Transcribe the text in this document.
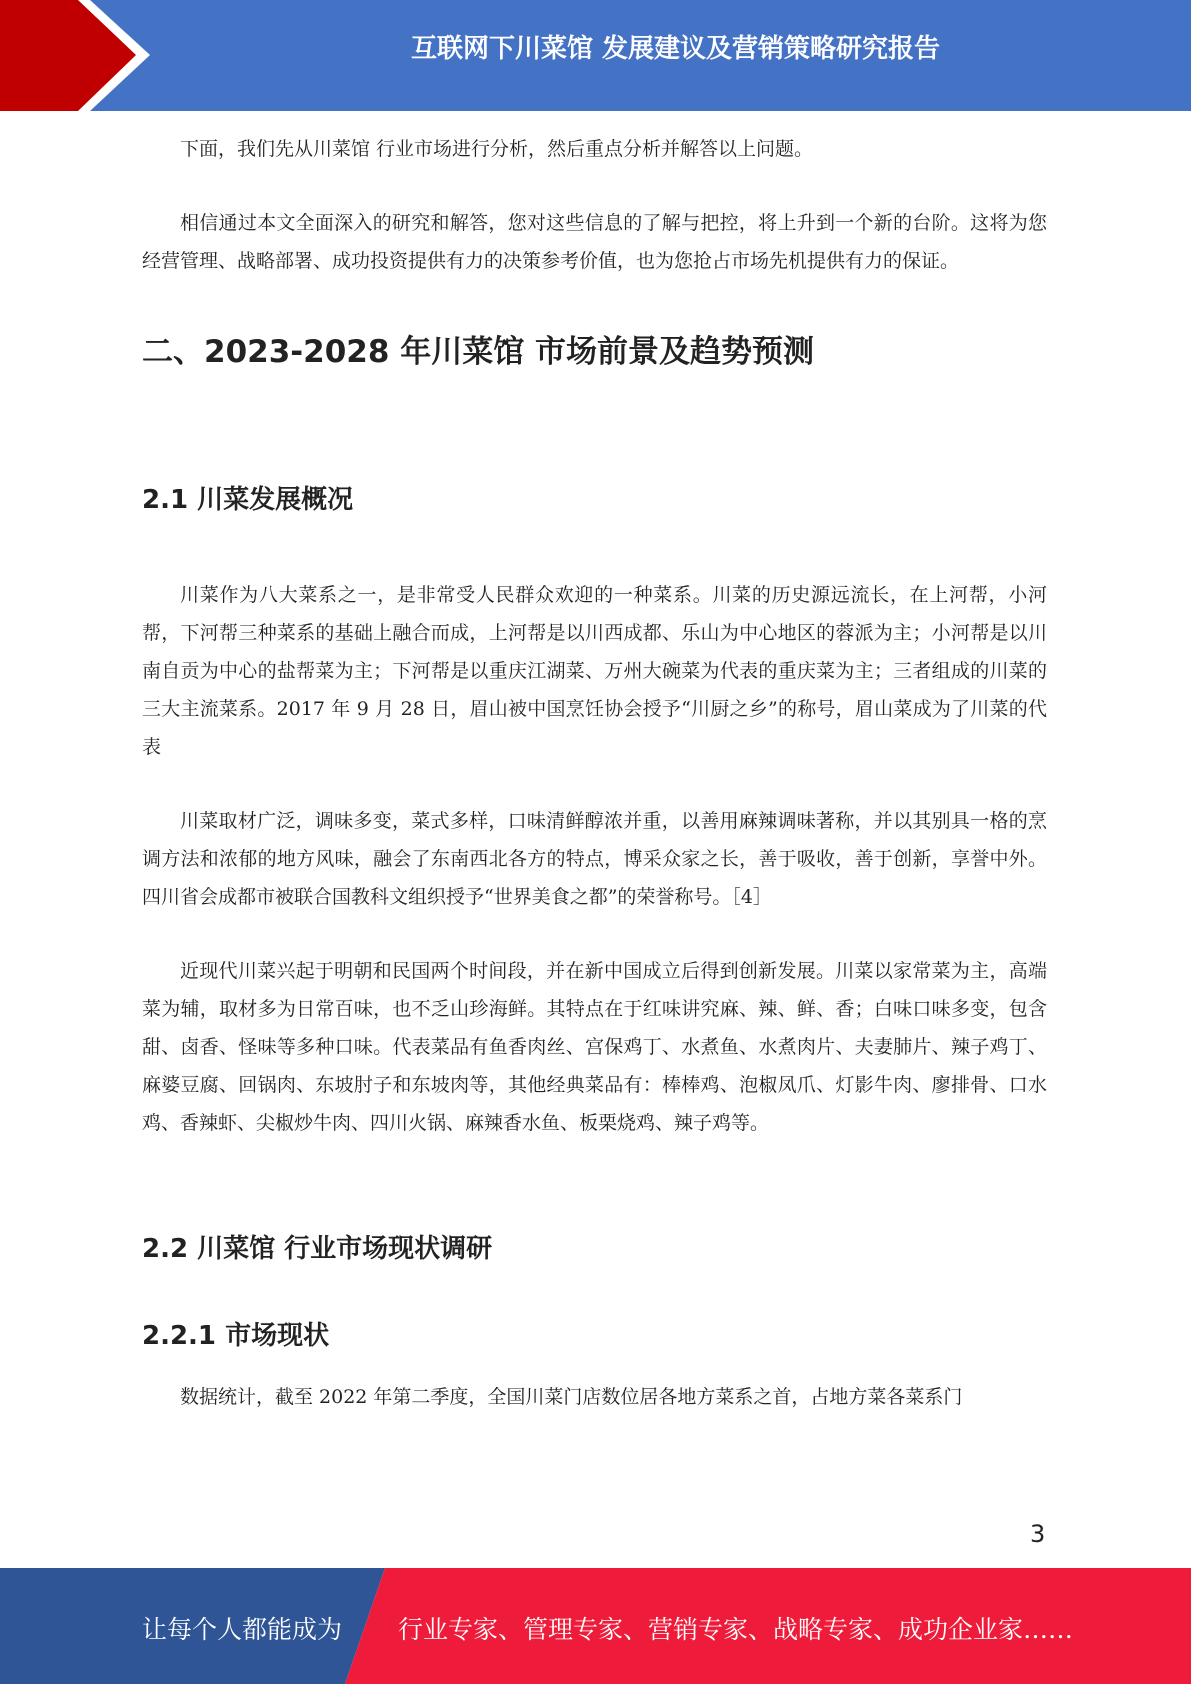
互联网下川菜馆 发展建议及营销策略研究报告

下面，我们先从川菜馆 行业市场进行分析，然后重点分析并解答以上问题。

相信通过本文全面深入的研究和解答，您对这些信息的了解与把控，将上升到一个新的台阶。这将为您经营管理、战略部署、成功投资提供有力的决策参考价值，也为您抢占市场先机提供有力的保证。

二、2023-2028 年川菜馆 市场前景及趋势预测
2.1 川菜发展概况

川菜作为八大菜系之一，是非常受人民群众欢迎的一种菜系。川菜的历史源远流长，在上河帮，小河帮，下河帮三种菜系的基础上融合而成，上河帮是以川西成都、乐山为中心地区的蓉派为主；小河帮是以川南自贡为中心的盐帮菜为主；下河帮是以重庆江湖菜、万州大碗菜为代表的重庆菜为主；三者组成的川菜的三大主流菜系。2017 年 9 月 28 日，眉山被中国烹饪协会授予“川厨之乡”的称号，眉山菜成为了川菜的代表

川菜取材广泛，调味多变，菜式多样，口味清鲜醇浓并重，以善用麻辣调味著称，并以其别具一格的烹调方法和浓郁的地方风味，融会了东南西北各方的特点，博采众家之长，善于吸收，善于创新，享誉中外。四川省会成都市被联合国教科文组织授予“世界美食之都”的荣誉称号。［4］

近现代川菜兴起于明朝和民国两个时间段，并在新中国成立后得到创新发展。川菜以家常菜为主，高端菜为辅，取材多为日常百味，也不乏山珍海鲜。其特点在于红味讲究麻、辣、鲜、香；白味口味多变，包含甜、卤香、怪味等多种口味。代表菜品有鱼香肉丝、宫保鸡丁、水煮鱼、水煮肉片、夫妻肺片、辣子鸡丁、麻婆豆腐、回锅肉、东坡肘子和东坡肉等，其他经典菜品有：棒棒鸡、泡椒凤爪、灯影牛肉、廖排骨、口水鸡、香辣虾、尖椒炒牛肉、四川火锅、麻辣香水鱼、板栗烧鸡、辣子鸡等。

2.2 川菜馆 行业市场现状调研
2.2.1 市场现状

数据统计，截至 2022 年第二季度，全国川菜门店数位居各地方菜系之首，占地方菜各菜系门

3
让每个人都能成为 行业专家、管理专家、营销专家、战略专家、成功企业家……
